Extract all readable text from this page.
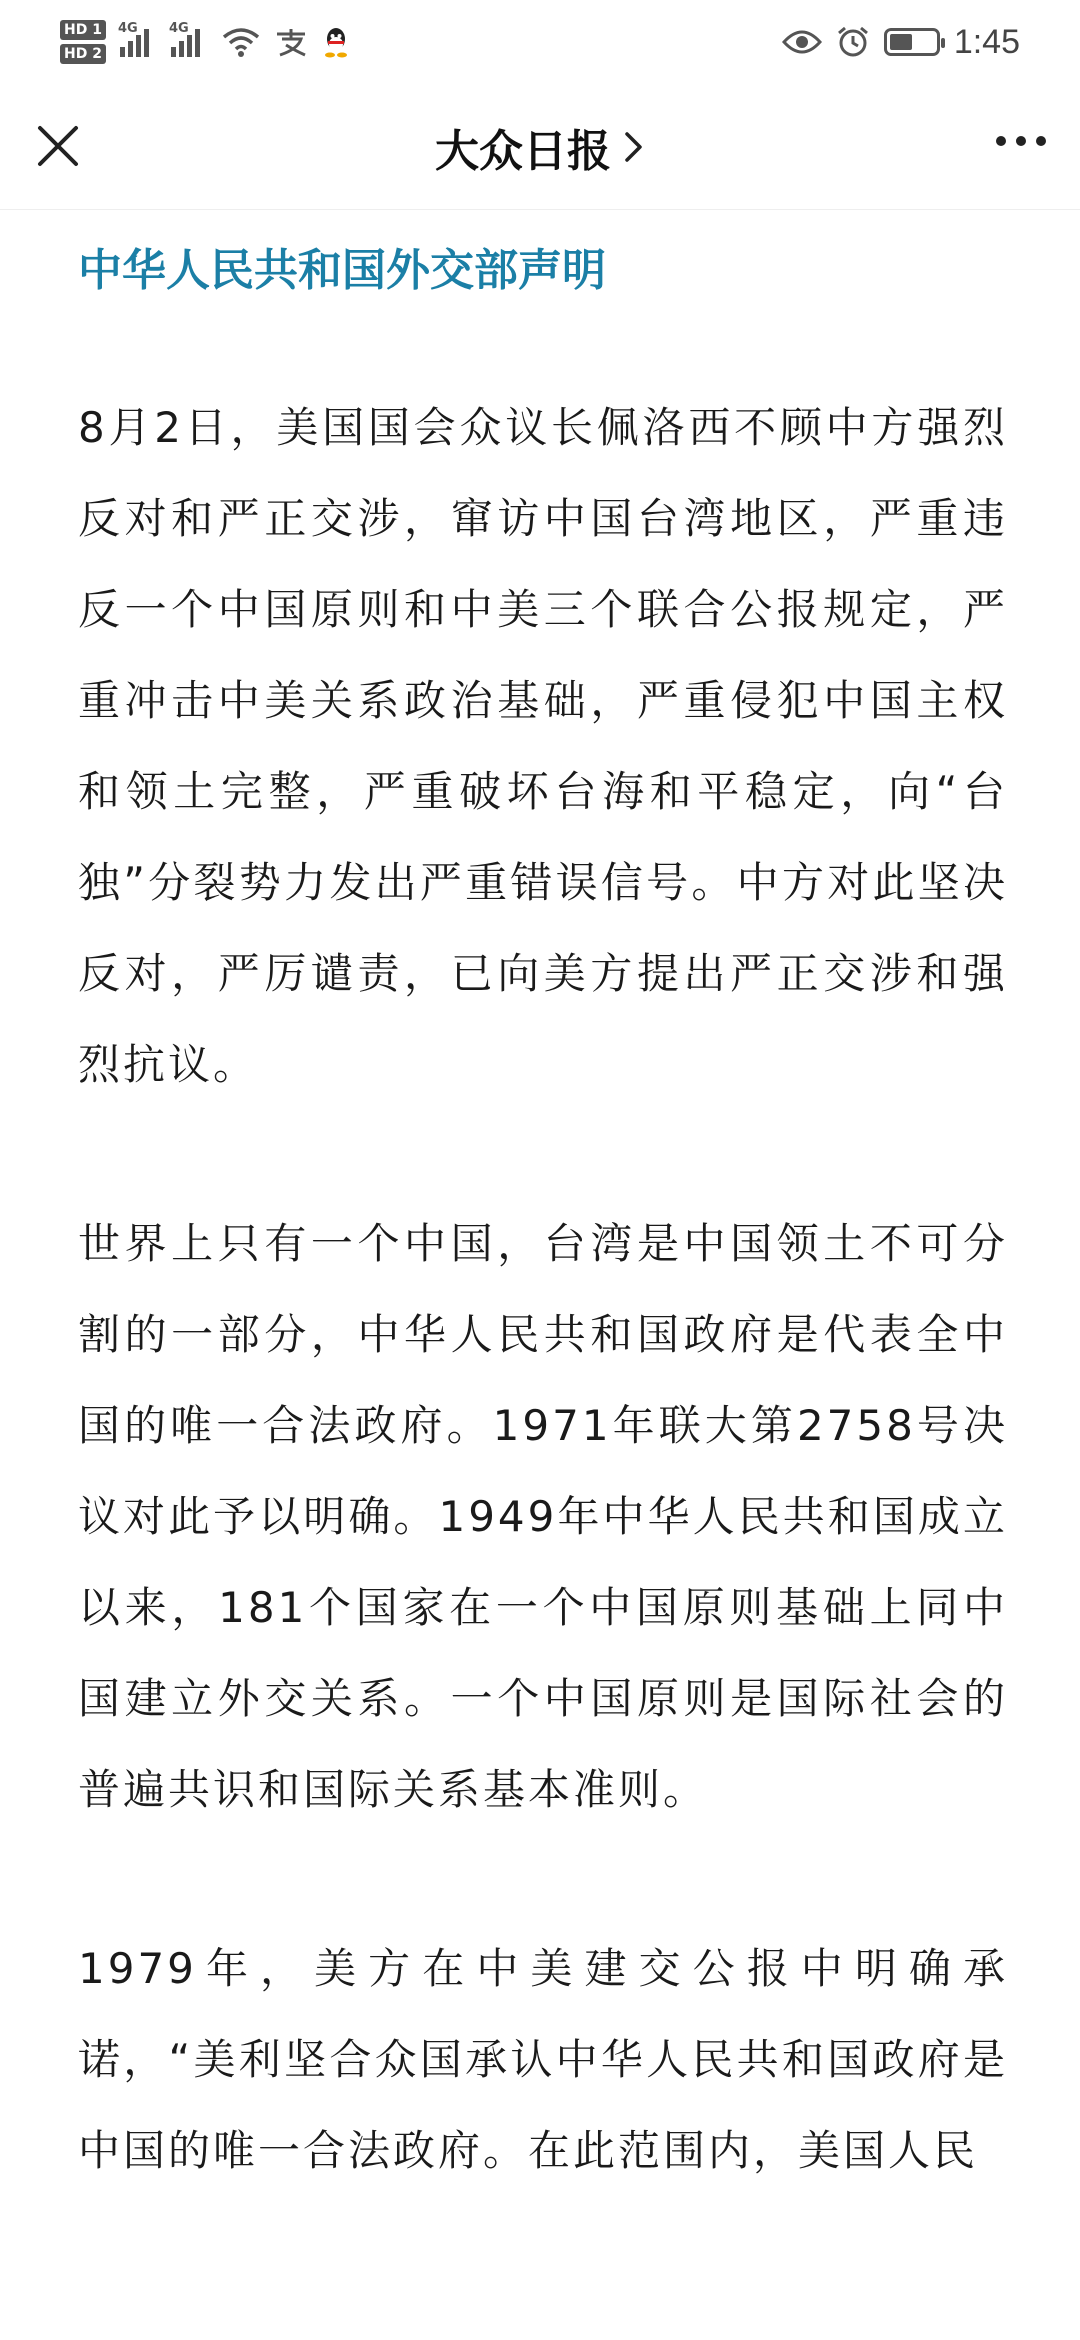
HD 1
HD 2
4G 4G	1:45
大众日报
中华人民共和国外交部声明

8月2日，美国国会众议长佩洛西不顾中方强烈反对和严正交涉，窜访中国台湾地区，严重违反一个中国原则和中美三个联合公报规定，严重冲击中美关系政治基础，严重侵犯中国主权和领土完整，严重破坏台海和平稳定，向“台独”分裂势力发出严重错误信号。中方对此坚决反对，严厉谴责，已向美方提出严正交涉和强烈抗议。

世界上只有一个中国，台湾是中国领土不可分割的一部分，中华人民共和国政府是代表全中国的唯一合法政府。1971年联大第2758号决议对此予以明确。1949年中华人民共和国成立以来，181个国家在一个中国原则基础上同中国建立外交关系。一个中国原则是国际社会的普遍共识和国际关系基本准则。

1979年，美方在中美建交公报中明确承诺，“美利坚合众国承认中华人民共和国政府是中国的唯一合法政府。在此范围内，美国人民
